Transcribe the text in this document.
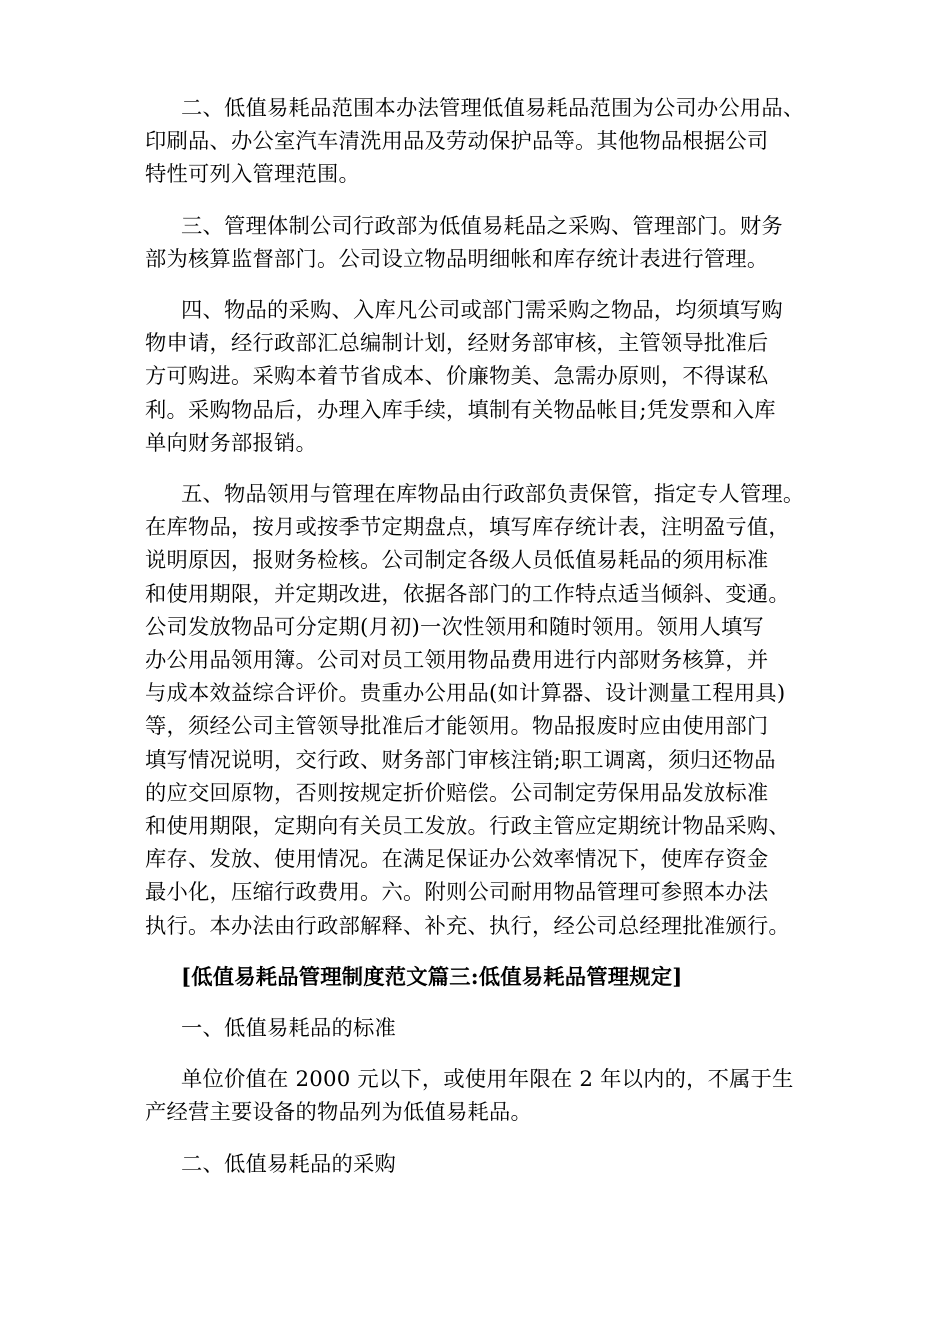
二、低值易耗品范围本办法管理低值易耗品范围为公司办公用品、
印刷品、办公室汽车清洗用品及劳动保护品等。其他物品根据公司
特性可列入管理范围。

三、管理体制公司行政部为低值易耗品之采购、管理部门。财务
部为核算监督部门。公司设立物品明细帐和库存统计表进行管理。

四、物品的采购、入库凡公司或部门需采购之物品，均须填写购
物申请，经行政部汇总编制计划，经财务部审核，主管领导批准后
方可购进。采购本着节省成本、价廉物美、急需办原则，不得谋私
利。采购物品后，办理入库手续，填制有关物品帐目;凭发票和入库
单向财务部报销。

五、物品领用与管理在库物品由行政部负责保管，指定专人管理。
在库物品，按月或按季节定期盘点，填写库存统计表，注明盈亏值，
说明原因，报财务检核。公司制定各级人员低值易耗品的须用标准
和使用期限，并定期改进，依据各部门的工作特点适当倾斜、变通。
公司发放物品可分定期(月初)一次性领用和随时领用。领用人填写
办公用品领用簿。公司对员工领用物品费用进行内部财务核算，并
与成本效益综合评价。贵重办公用品(如计算器、设计测量工程用具)
等，须经公司主管领导批准后才能领用。物品报废时应由使用部门
填写情况说明，交行政、财务部门审核注销;职工调离，须归还物品
的应交回原物，否则按规定折价赔偿。公司制定劳保用品发放标准
和使用期限，定期向有关员工发放。行政主管应定期统计物品采购、
库存、发放、使用情况。在满足保证办公效率情况下，使库存资金
最小化，压缩行政费用。六。附则公司耐用物品管理可参照本办法
执行。本办法由行政部解释、补充、执行，经公司总经理批准颁行。

[低值易耗品管理制度范文篇三:低值易耗品管理规定]

一、低值易耗品的标准

单位价值在 2000 元以下，或使用年限在 2 年以内的，不属于生
产经营主要设备的物品列为低值易耗品。

二、低值易耗品的采购
